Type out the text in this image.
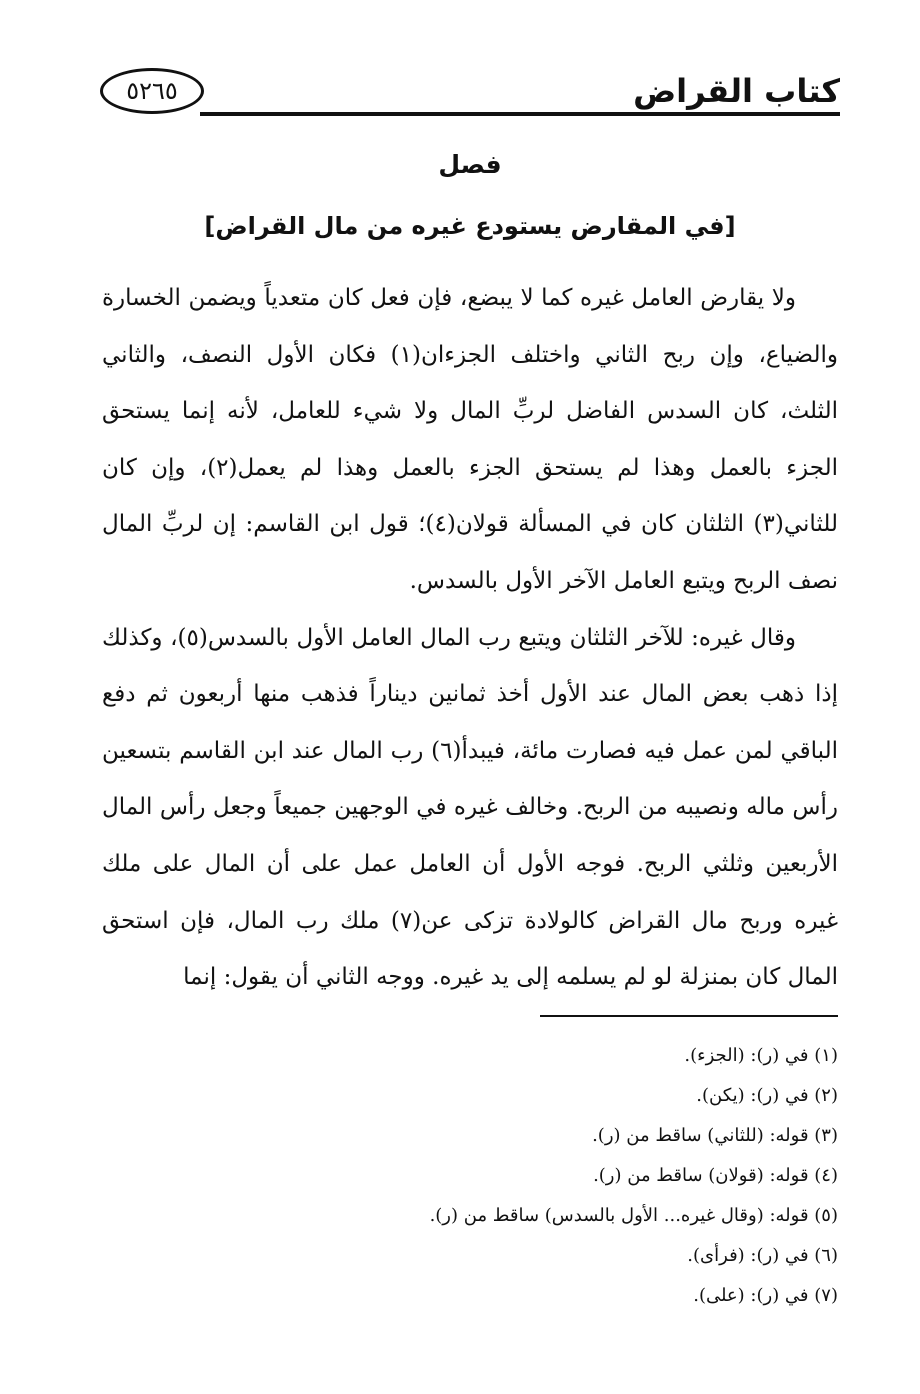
كتاب القراض
٥٢٦٥
فصل
[في المقارض يستودع غيره من مال القراض]

ولا يقارض العامل غيره كما لا يبضع، فإن فعل كان متعدياً ويضمن الخسارة والضياع، وإن ربح الثاني واختلف الجزءان(١) فكان الأول النصف، والثاني الثلث، كان السدس الفاضل لربِّ المال ولا شيء للعامل، لأنه إنما يستحق الجزء بالعمل وهذا لم يستحق الجزء بالعمل وهذا لم يعمل(٢)، وإن كان للثاني(٣) الثلثان كان في المسألة قولان(٤)؛ قول ابن القاسم: إن لربِّ المال نصف الربح ويتبع العامل الآخر الأول بالسدس.

وقال غيره: للآخر الثلثان ويتبع رب المال العامل الأول بالسدس(٥)، وكذلك إذا ذهب بعض المال عند الأول أخذ ثمانين ديناراً فذهب منها أربعون ثم دفع الباقي لمن عمل فيه فصارت مائة، فيبدأ(٦) رب المال عند ابن القاسم بتسعين رأس ماله ونصيبه من الربح. وخالف غيره في الوجهين جميعاً وجعل رأس المال الأربعين وثلثي الربح. فوجه الأول أن العامل عمل على أن المال على ملك غيره وربح مال القراض كالولادة تزكى عن(٧) ملك رب المال، فإن استحق المال كان بمنزلة لو لم يسلمه إلى يد غيره. ووجه الثاني أن يقول: إنما

(١) في (ر): (الجزء).
(٢) في (ر): (يكن).
(٣) قوله: (للثاني) ساقط من (ر).
(٤) قوله: (قولان) ساقط من (ر).
(٥) قوله: (وقال غيره... الأول بالسدس) ساقط من (ر).
(٦) في (ر): (فرأى).
(٧) في (ر): (على).
